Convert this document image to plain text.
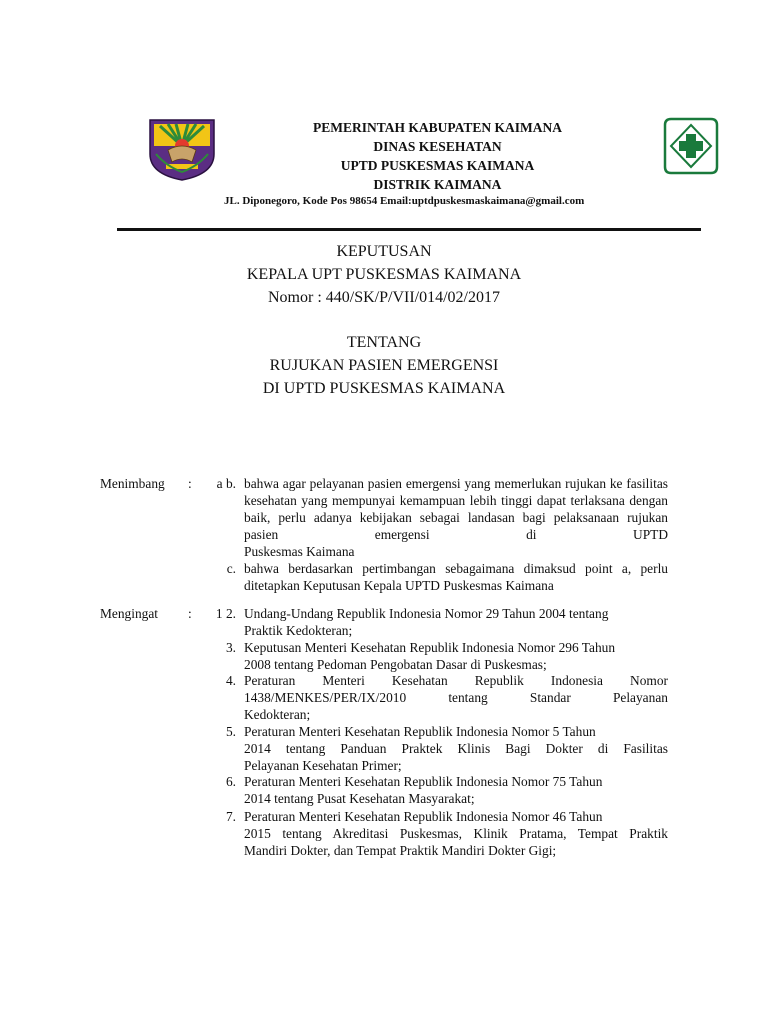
PEMERINTAH KABUPATEN KAIMANA
DINAS KESEHATAN
UPTD PUSKESMAS KAIMANA
DISTRIK KAIMANA
JL. Diponegoro, Kode Pos 98654 Email:uptdpuskesmaskaimana@gmail.com
KEPUTUSAN
KEPALA UPT PUSKESMAS KAIMANA
Nomor : 440/SK/P/VII/014/02/2017
TENTANG
RUJUKAN PASIEN EMERGENSI
DI UPTD PUSKESMAS KAIMANA
Menimbang :	a b. bahwa agar pelayanan pasien emergensi yang memerlukan rujukan ke fasilitas kesehatan yang mempunyai kemampuan lebih tinggi dapat terlaksana dengan baik, perlu adanya kebijakan sebagai landasan bagi pelaksanaan rujukan pasien emergensi di UPTD
Puskesmas Kaimana
c. bahwa berdasarkan pertimbangan sebagaimana dimaksud point a, perlu ditetapkan Keputusan Kepala UPTD Puskesmas Kaimana
Mengingat :	1 2. Undang-Undang Republik Indonesia Nomor 29 Tahun 2004 tentang
Praktik Kedokteran;
3. Keputusan Menteri Kesehatan Republik Indonesia Nomor 296 Tahun
2008 tentang Pedoman Pengobatan Dasar di Puskesmas;
4. Peraturan Menteri Kesehatan Republik Indonesia Nomor
1438/MENKES/PER/IX/2010	tentang	Standar	Pelayanan
Kedokteran;
5. Peraturan Menteri Kesehatan Republik Indonesia Nomor 5 Tahun
2014 tentang Panduan Praktek Klinis Bagi Dokter di Fasilitas
Pelayanan Kesehatan Primer;
6. Peraturan Menteri Kesehatan Republik Indonesia Nomor 75 Tahun
2014 tentang Pusat Kesehatan Masyarakat;
7. Peraturan Menteri Kesehatan Republik Indonesia Nomor 46 Tahun
2015 tentang Akreditasi Puskesmas, Klinik Pratama, Tempat Praktik
Mandiri Dokter, dan Tempat Praktik Mandiri Dokter Gigi;
